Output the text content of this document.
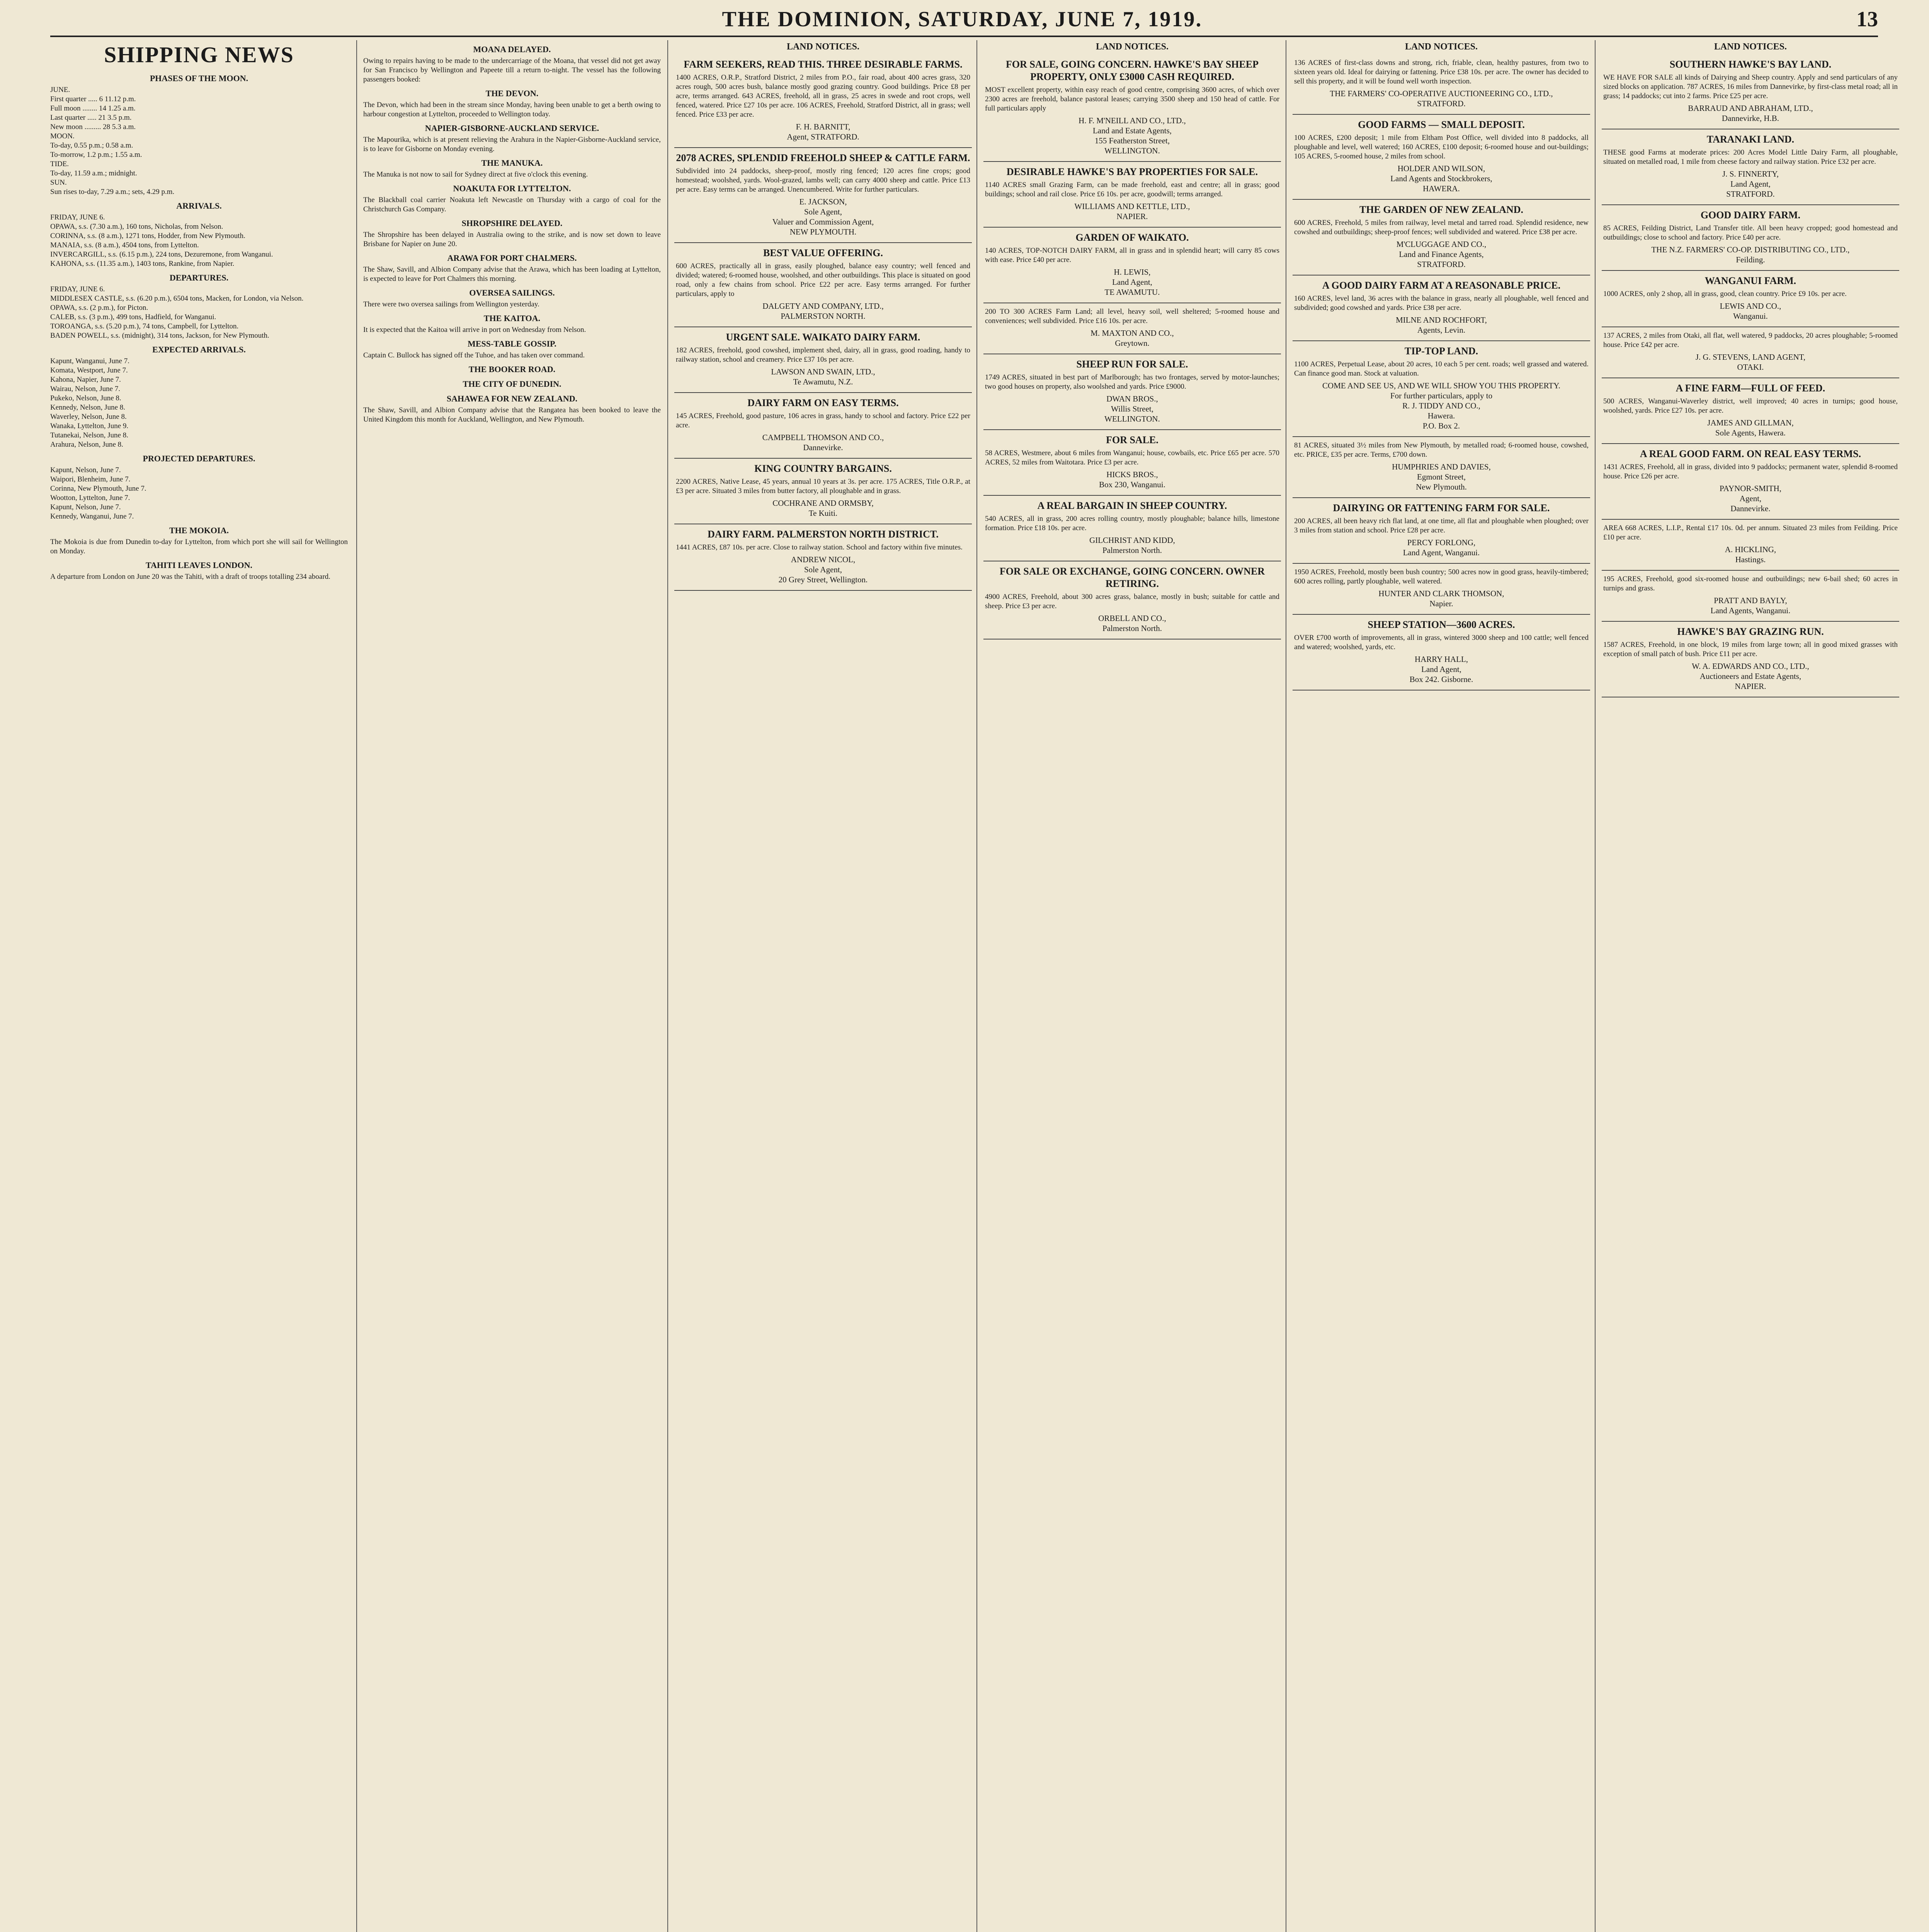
THE DOMINION, SATURDAY, JUNE 7, 1919.	13
SHIPPING NEWS
PHASES OF THE MOON.
JUNE.
First quarter ..... 6 11.12 p.m.
Full moon ........ 14 1.25 a.m.
Last quarter ..... 21 3.5 p.m.
New moon ......... 28 5.3 a.m.
MOON.
To-day, 0.55 p.m.; 0.58 a.m.
To-morrow, 1.2 p.m.; 1.55 a.m.
TIDE.
To-day, 11.59 a.m.; midnight.
SUN.
Sun rises to-day, 7.29 a.m.; sets, 4.29 p.m.
ARRIVALS.
FRIDAY, JUNE 6.
OPAWA, s.s. (7.30 a.m.), 160 tons, Nicholas, from Nelson.
CORINNA, s.s. (8 a.m.), 1271 tons, Hodder, from New Plymouth.
MANAIA, s.s. (8 a.m.), 4504 tons, from Lyttelton.
INVERCARGILL, s.s. (6.15 p.m.), 224 tons, Dezuremone, from Wanganui.
KAHONA, s.s. (11.35 a.m.), 1403 tons, Rankine, from Napier.
DEPARTURES.
FRIDAY, JUNE 6.
MIDDLESEX CASTLE, s.s. (6.20 p.m.), 6504 tons, Macken, for London, via Nelson.
OPAWA, s.s. (2 p.m.), for Picton.
CALEB, s.s. (3 p.m.), 499 tons, Hadfield, for Wanganui.
TOROANGA, s.s. (5.20 p.m.), 74 tons, Campbell, for Lyttelton.
BADEN POWELL, s.s. (midnight), 314 tons, Jackson, for New Plymouth.
EXPECTED ARRIVALS.
Kapunt, Wanganui, June 7.
Komata, Westport, June 7.
Kahona, Napier, June 7.
Wairau, Nelson, June 7.
Pukeko, Nelson, June 8.
Kennedy, Nelson, June 8.
Waverley, Nelson, June 8.
Wanaka, Lyttelton, June 9.
Tutanekai, Nelson, June 8.
Arahura, Nelson, June 8.
PROJECTED DEPARTURES.
Kapunt, Nelson, June 7.
Waipori, Blenheim, June 7.
Corinna, New Plymouth, June 7.
Wootton, Lyttelton, June 7.
Kapunt, Nelson, June 7.
Kennedy, Wanganui, June 7.
THE MOKOIA.
The Mokoia is due from Dunedin to-day for Lyttelton, from which port she will sail for Wellington on Monday.
TAHITI LEAVES LONDON.
A departure from London on June 20 was the Tahiti, with a draft of troops totalling 234 aboard.
MOANA DELAYED.
Owing to repairs having to be made to the undercarriage of the Moana, that vessel did not get away for San Francisco by Wellington and Papeete till a return to-night. The vessel has the following passengers booked:
THE DEVON.
The Devon, which had been in the stream since Monday, having been unable to get a berth owing to harbour congestion at Lyttelton, proceeded to Wellington today.
NAPIER-GISBORNE-AUCKLAND SERVICE.
The Mapourika, which is at present relieving the Arahura in the Napier-Gisborne-Auckland service, is to leave for Gisborne on Monday evening.
THE MANUKA.
The Manuka is not now to sail for Sydney direct at five o'clock this evening.
NOAKUTA FOR LYTTELTON.
The Blackball coal carrier Noakuta left Newcastle on Thursday with a cargo of coal for the Christchurch Gas Company.
SHROPSHIRE DELAYED.
The Shropshire has been delayed in Australia owing to the strike, and is now set down to leave Brisbane for Napier on June 20.
ARAWA FOR PORT CHALMERS.
The Shaw, Savill, and Albion Company advise that the Arawa, which has been loading at Lyttelton, is expected to leave for Port Chalmers this morning.
OVERSEA SAILINGS.
There were two oversea sailings from Wellington yesterday.
THE KAITOA.
It is expected that the Kaitoa will arrive in port on Wednesday from Nelson.
MESS-TABLE GOSSIP.
Captain C. Bullock has signed off the Tuhoe, and has taken over command.
THE BOOKER ROAD.
THE CITY OF DUNEDIN.
SAHAWEA FOR NEW ZEALAND.
The Shaw, Savill, and Albion Company advise that the Rangatea has been booked to leave the United Kingdom this month for Auckland, Wellington, and New Plymouth.
LAND NOTICES.
FARM SEEKERS, READ THIS. THREE DESIRABLE FARMS.
1400 ACRES, O.R.P., Stratford District, 2 miles from P.O., fair road, about 400 acres grass, 320 acres rough, 500 acres bush, balance mostly good grazing country. Good buildings. Price £8 per acre, terms arranged. 643 ACRES, freehold, all in grass, 25 acres in swede and root crops, well fenced, watered. Price £27 10s per acre. 106 ACRES, Freehold, Stratford District, all in grass; well fenced. Price £33 per acre.
F. H. BARNITT,
Agent, STRATFORD.
2078 ACRES, SPLENDID FREEHOLD SHEEP & CATTLE FARM.
Subdivided into 24 paddocks, sheep-proof, mostly ring fenced; 120 acres fine crops; good homestead; woolshed, yards. Wool-grazed, lambs well; can carry 4000 sheep and cattle. Price £13 per acre. Easy terms can be arranged. Unencumbered. Write for further particulars.
E. JACKSON,
Sole Agent,
Valuer and Commission Agent,
NEW PLYMOUTH.
BEST VALUE OFFERING.
600 ACRES, practically all in grass, easily ploughed, balance easy country; well fenced and divided; watered; 6-roomed house, woolshed, and other outbuildings. This place is situated on good road, only a few chains from school. Price £22 per acre. Easy terms arranged. For further particulars, apply to
DALGETY AND COMPANY, LTD.,
PALMERSTON NORTH.
URGENT SALE. WAIKATO DAIRY FARM.
182 ACRES, freehold, good cowshed, implement shed, dairy, all in grass, good roading, handy to railway station, school and creamery. Price £37 10s per acre.
LAWSON AND SWAIN, LTD.,
Te Awamutu, N.Z.
DAIRY FARM ON EASY TERMS.
145 ACRES, Freehold, good pasture, 106 acres in grass, handy to school and factory. Price £22 per acre.
CAMPBELL THOMSON AND CO.,
Dannevirke.
KING COUNTRY BARGAINS.
2200 ACRES, Native Lease, 45 years, annual 10 years at 3s. per acre. 175 ACRES, Title O.R.P., at £3 per acre. Situated 3 miles from butter factory, all ploughable and in grass.
COCHRANE AND ORMSBY,
Te Kuiti.
DAIRY FARM. PALMERSTON NORTH DISTRICT.
1441 ACRES, £87 10s. per acre. Close to railway station. School and factory within five minutes.
ANDREW NICOL,
Sole Agent,
20 Grey Street, Wellington.
LAND NOTICES.
FOR SALE, GOING CONCERN. HAWKE'S BAY SHEEP PROPERTY, ONLY £3000 CASH REQUIRED.
MOST excellent property, within easy reach of good centre, comprising 3600 acres, of which over 2300 acres are freehold, balance pastoral leases; carrying 3500 sheep and 150 head of cattle. For full particulars apply
H. F. M'NEILL AND CO., LTD.,
Land and Estate Agents,
155 Featherston Street,
WELLINGTON.
DESIRABLE HAWKE'S BAY PROPERTIES FOR SALE.
1140 ACRES small Grazing Farm, can be made freehold, east and centre; all in grass; good buildings; school and rail close. Price £6 10s. per acre, goodwill; terms arranged.
WILLIAMS AND KETTLE, LTD.,
NAPIER.
GARDEN OF WAIKATO.
140 ACRES, TOP-NOTCH DAIRY FARM, all in grass and in splendid heart; will carry 85 cows with ease. Price £40 per acre.
H. LEWIS,
Land Agent,
TE AWAMUTU.
200 TO 300 ACRES Farm Land; all level, heavy soil, well sheltered; 5-roomed house and conveniences; well subdivided. Price £16 10s. per acre.
M. MAXTON AND CO.,
Greytown.
SHEEP RUN FOR SALE.
1749 ACRES, situated in best part of Marlborough; has two frontages, served by motor-launches; two good houses on property, also woolshed and yards. Price £9000.
DWAN BROS.,
Willis Street,
WELLINGTON.
FOR SALE.
58 ACRES, Westmere, about 6 miles from Wanganui; house, cowbails, etc. Price £65 per acre. 570 ACRES, 52 miles from Waitotara. Price £3 per acre.
HICKS BROS.,
Box 230, Wanganui.
A REAL BARGAIN IN SHEEP COUNTRY.
540 ACRES, all in grass, 200 acres rolling country, mostly ploughable; balance hills, limestone formation. Price £18 10s. per acre.
GILCHRIST AND KIDD,
Palmerston North.
FOR SALE OR EXCHANGE, GOING CONCERN. OWNER RETIRING.
4900 ACRES, Freehold, about 300 acres grass, balance, mostly in bush; suitable for cattle and sheep. Price £3 per acre.
ORBELL AND CO.,
Palmerston North.
LAND NOTICES.
136 ACRES of first-class downs and strong, rich, friable, clean, healthy pastures, from two to sixteen years old. Ideal for dairying or fattening. Price £38 10s. per acre. The owner has decided to sell this property, and it will be found well worth inspection.
THE FARMERS' CO-OPERATIVE AUCTIONEERING CO., LTD.,
STRATFORD.
GOOD FARMS — SMALL DEPOSIT.
100 ACRES, £200 deposit; 1 mile from Eltham Post Office, well divided into 8 paddocks, all ploughable and level, well watered; 160 ACRES, £100 deposit; 6-roomed house and out-buildings; 105 ACRES, 5-roomed house, 2 miles from school.
HOLDER AND WILSON,
Land Agents and Stockbrokers,
HAWERA.
THE GARDEN OF NEW ZEALAND.
600 ACRES, Freehold, 5 miles from railway, level metal and tarred road. Splendid residence, new cowshed and outbuildings; sheep-proof fences; well subdivided and watered. Price £38 per acre.
M'CLUGGAGE AND CO.,
Land and Finance Agents,
STRATFORD.
A GOOD DAIRY FARM AT A REASONABLE PRICE.
160 ACRES, level land, 36 acres with the balance in grass, nearly all ploughable, well fenced and subdivided; good cowshed and yards. Price £38 per acre.
MILNE AND ROCHFORT,
Agents, Levin.
TIP-TOP LAND.
1100 ACRES, Perpetual Lease, about 20 acres, 10 each 5 per cent. roads; well grassed and watered. Can finance good man. Stock at valuation.
COME AND SEE US, AND WE WILL SHOW YOU THIS PROPERTY.
For further particulars, apply to
R. J. TIDDY AND CO.,
Hawera.
P.O. Box 2.
81 ACRES, situated 3½ miles from New Plymouth, by metalled road; 6-roomed house, cowshed, etc. PRICE, £35 per acre. Terms, £700 down.
HUMPHRIES AND DAVIES,
Egmont Street,
New Plymouth.
DAIRYING OR FATTENING FARM FOR SALE.
200 ACRES, all been heavy rich flat land, at one time, all flat and ploughable when ploughed; over 3 miles from station and school. Price £28 per acre.
PERCY FORLONG,
Land Agent, Wanganui.
1950 ACRES, Freehold, mostly been bush country; 500 acres now in good grass, heavily-timbered; 600 acres rolling, partly ploughable, well watered.
HUNTER AND CLARK THOMSON,
Napier.
SHEEP STATION—3600 ACRES.
OVER £700 worth of improvements, all in grass, wintered 3000 sheep and 100 cattle; well fenced and watered; woolshed, yards, etc.
HARRY HALL,
Land Agent,
Box 242. Gisborne.
LAND NOTICES.
SOUTHERN HAWKE'S BAY LAND.
WE HAVE FOR SALE all kinds of Dairying and Sheep country. Apply and send particulars of any sized blocks on application. 787 ACRES, 16 miles from Dannevirke, by first-class metal road; all in grass; 14 paddocks; cut into 2 farms. Price £25 per acre.
BARRAUD AND ABRAHAM, LTD.,
Dannevirke, H.B.
TARANAKI LAND.
THESE good Farms at moderate prices: 200 Acres Model Little Dairy Farm, all ploughable, situated on metalled road, 1 mile from cheese factory and railway station. Price £32 per acre.
J. S. FINNERTY,
Land Agent,
STRATFORD.
GOOD DAIRY FARM.
85 ACRES, Feilding District, Land Transfer title. All been heavy cropped; good homestead and outbuildings; close to school and factory. Price £40 per acre.
THE N.Z. FARMERS' CO-OP. DISTRIBUTING CO., LTD.,
Feilding.
WANGANUI FARM.
1000 ACRES, only 2 shop, all in grass, good, clean country. Price £9 10s. per acre.
LEWIS AND CO.,
Wanganui.
137 ACRES, 2 miles from Otaki, all flat, well watered, 9 paddocks, 20 acres ploughable; 5-roomed house. Price £42 per acre.
J. G. STEVENS, LAND AGENT,
OTAKI.
A FINE FARM—FULL OF FEED.
500 ACRES, Wanganui-Waverley district, well improved; 40 acres in turnips; good house, woolshed, yards. Price £27 10s. per acre.
JAMES AND GILLMAN,
Sole Agents, Hawera.
A REAL GOOD FARM. ON REAL EASY TERMS.
1431 ACRES, Freehold, all in grass, divided into 9 paddocks; permanent water, splendid 8-roomed house. Price £26 per acre.
PAYNOR-SMITH,
Agent,
Dannevirke.
AREA 668 ACRES, L.I.P., Rental £17 10s. 0d. per annum. Situated 23 miles from Feilding. Price £10 per acre.
A. HICKLING,
Hastings.
195 ACRES, Freehold, good six-roomed house and outbuildings; new 6-bail shed; 60 acres in turnips and grass.
PRATT AND BAYLY,
Land Agents, Wanganui.
HAWKE'S BAY GRAZING RUN.
1587 ACRES, Freehold, in one block, 19 miles from large town; all in good mixed grasses with exception of small patch of bush. Price £11 per acre.
W. A. EDWARDS AND CO., LTD.,
Auctioneers and Estate Agents,
NAPIER.
